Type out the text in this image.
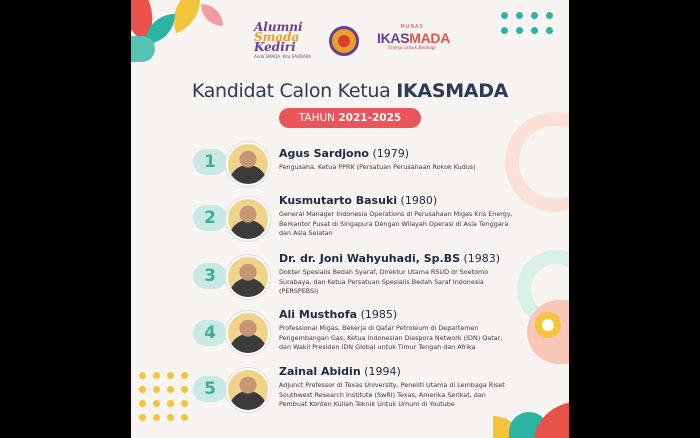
Alumni
Smada
Kediri
Anda SMADA, Kita SAUDARA
MUNAS
IKASMADA
Energi untuk Berbagi
Kandidat Calon Ketua IKASMADA
TAHUN 2021-2025
1	Agus Sardjono (1979)
Pengusaha, Ketua PPRK (Persatuan Perusahaan Rokok Kudus)
2
Kusmutarto Basuki (1980)
General Manager Indonesia Operations di Perusahaan Migas Kris Energy, Berkantor Pusat di Singapura Dengan Wilayah Operasi di Asia Tenggara dan Asia Selatan
3
Dr. dr. Joni Wahyuhadi, Sp.BS (1983)
Dokter Spesialis Bedah Syaraf, Direktur Utama RSUD dr Soetomo Surabaya, dan Ketua Persatuan Spesialis Bedah Saraf Indonesia (PERSPEBSI)
4
Ali Musthofa (1985)
Professional Migas, Bekerja di Qatar Petroleum di Departemen Pengembangan Gas, Ketua Indonesian Diaspora Network (IDN) Qatar, dan Wakil Presiden IDN Global untuk Timur Tengah dan Afrika
5
Zainal Abidin (1994)
Adjunct Professor di Texas University, Peneliti Utama di Lembaga Riset Southwest Research Institute (SwRI) Texas, Amerika Serikat, dan Pembuat Konten Kuliah Teknik Untuk Umum di Youtube
